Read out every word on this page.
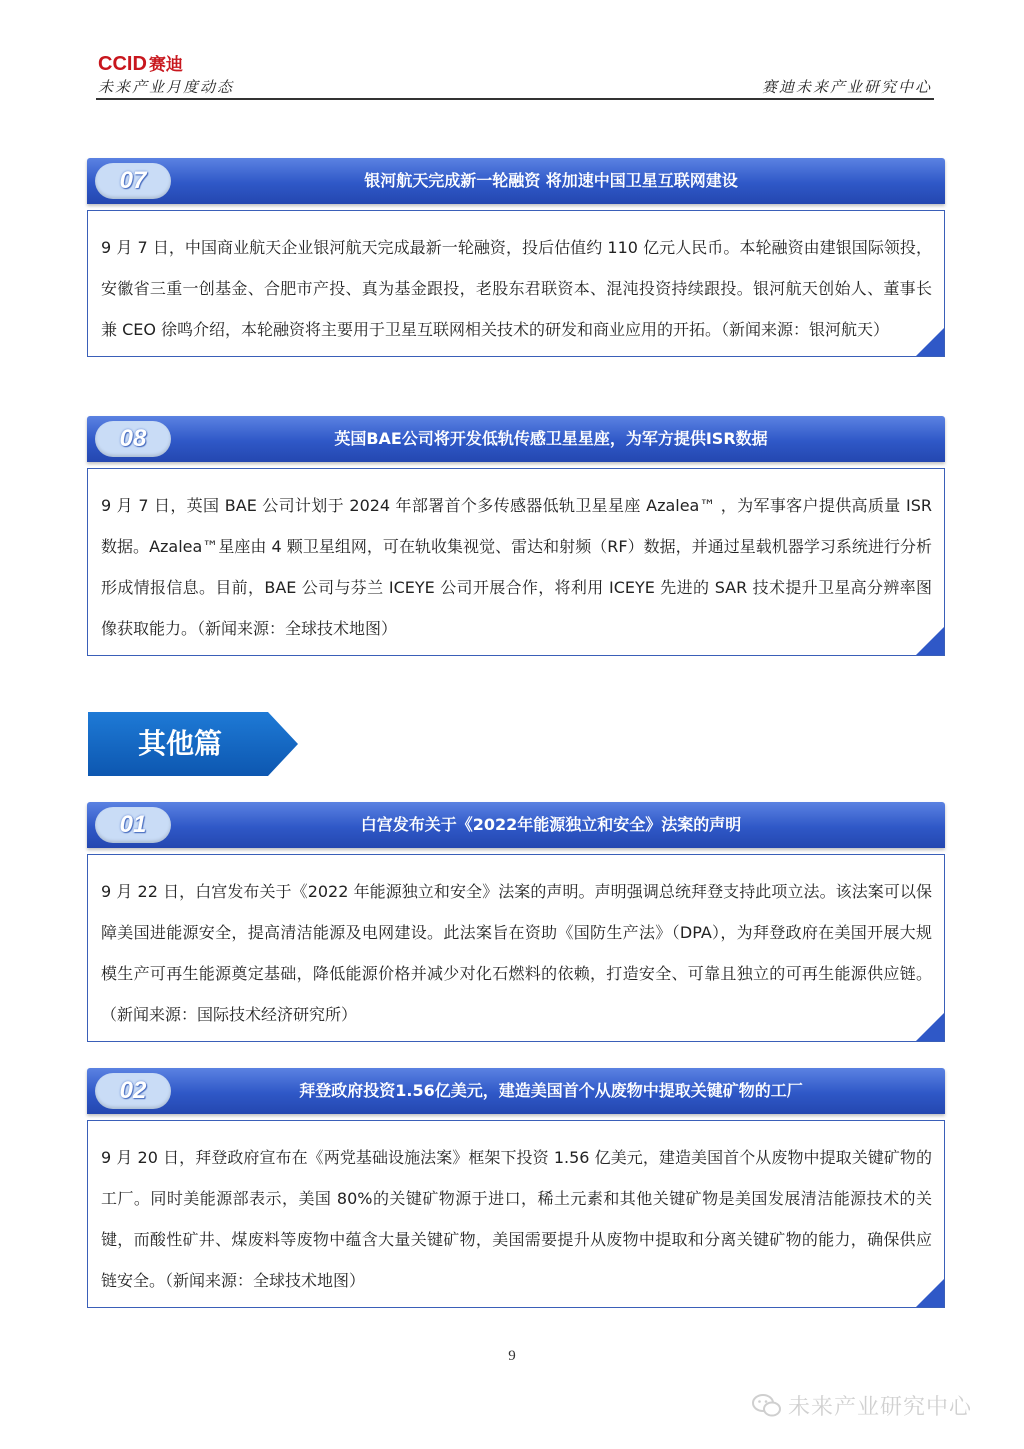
CCID 赛迪
未来产业月度动态	赛迪未来产业研究中心
07	银河航天完成新一轮融资 将加速中国卫星互联网建设
9 月 7 日，中国商业航天企业银河航天完成最新一轮融资，投后估值约 110 亿元人民币。本轮融资由建银国际领投，安徽省三重一创基金、合肥市产投、真为基金跟投，老股东君联资本、混沌投资持续跟投。银河航天创始人、董事长兼 CEO 徐鸣介绍，本轮融资将主要用于卫星互联网相关技术的研发和商业应用的开拓。（新闻来源：银河航天）
08	英国BAE公司将开发低轨传感卫星星座，为军方提供ISR数据
9 月 7 日，英国 BAE 公司计划于 2024 年部署首个多传感器低轨卫星星座 Azalea™ ，为军事客户提供高质量 ISR 数据。Azalea™星座由 4 颗卫星组网，可在轨收集视觉、雷达和射频（RF）数据，并通过星载机器学习系统进行分析形成情报信息。目前，BAE 公司与芬兰 ICEYE 公司开展合作，将利用 ICEYE 先进的 SAR 技术提升卫星高分辨率图像获取能力。（新闻来源：全球技术地图）
其他篇
01	白宫发布关于《2022年能源独立和安全》法案的声明
9 月 22 日，白宫发布关于《2022 年能源独立和安全》法案的声明。声明强调总统拜登支持此项立法。该法案可以保障美国进能源安全，提高清洁能源及电网建设。此法案旨在资助《国防生产法》（DPA），为拜登政府在美国开展大规模生产可再生能源奠定基础，降低能源价格并减少对化石燃料的依赖，打造安全、可靠且独立的可再生能源供应链。（新闻来源：国际技术经济研究所）
02	拜登政府投资1.56亿美元，建造美国首个从废物中提取关键矿物的工厂
9 月 20 日，拜登政府宣布在《两党基础设施法案》框架下投资 1.56 亿美元，建造美国首个从废物中提取关键矿物的工厂。同时美能源部表示，美国 80%的关键矿物源于进口，稀土元素和其他关键矿物是美国发展清洁能源技术的关键，而酸性矿井、煤废料等废物中蕴含大量关键矿物，美国需要提升从废物中提取和分离关键矿物的能力，确保供应链安全。（新闻来源：全球技术地图）
9
未来产业研究中心
